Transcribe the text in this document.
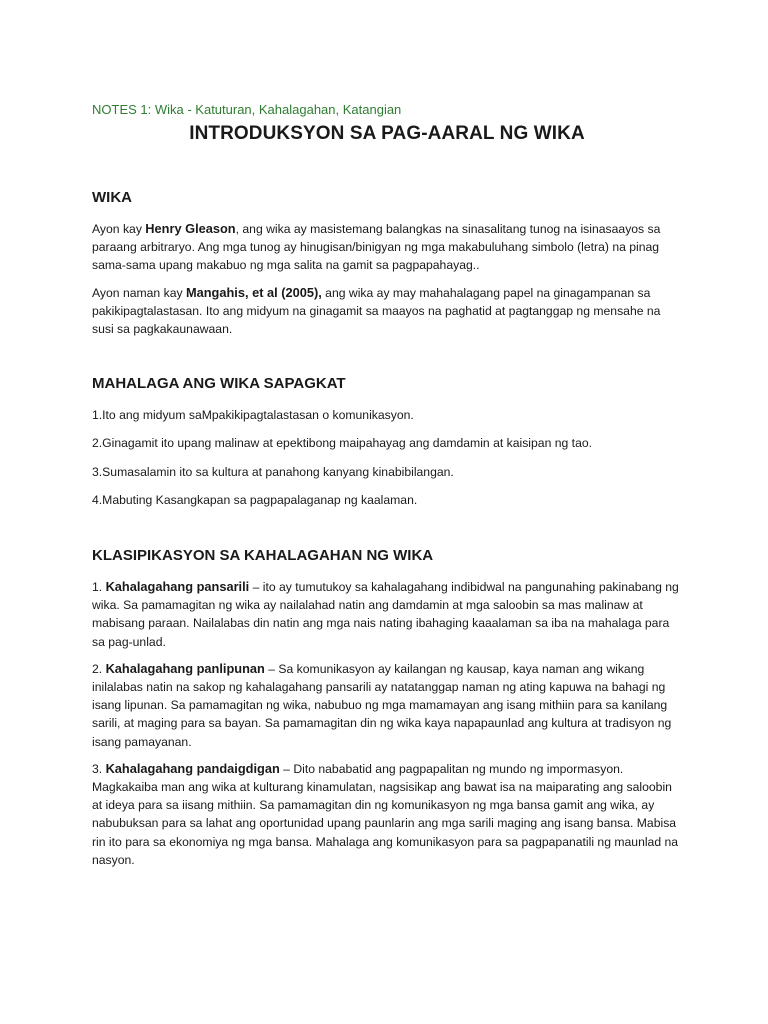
NOTES 1: Wika - Katuturan, Kahalagahan, Katangian
INTRODUKSYON SA PAG-AARAL NG WIKA
WIKA

Ayon kay Henry Gleason, ang wika ay masistemang balangkas na sinasalitang tunog na isinasaayos sa paraang arbitraryo. Ang mga tunog ay hinugisan/binigyan ng mga makabuluhang simbolo (letra) na pinag sama-sama upang makabuo ng mga salita na gamit sa pagpapahayag..

Ayon naman kay Mangahis, et al (2005), ang wika ay may mahahalagang papel na ginagampanan sa pakikipagtalastasan. Ito ang midyum na ginagamit sa maayos na paghatid at pagtanggap ng mensahe na susi sa pagkakaunawaan.

MAHALAGA ANG WIKA SAPAGKAT

1.Ito ang midyum saMpakikipagtalastasan o komunikasyon.

2.Ginagamit ito upang malinaw at epektibong maipahayag ang damdamin at kaisipan ng tao.

3.Sumasalamin ito sa kultura at panahong kanyang kinabibilangan.

4.Mabuting Kasangkapan sa pagpapalaganap ng kaalaman.

KLASIPIKASYON SA KAHALAGAHAN NG WIKA

1. Kahalagahang pansarili – ito ay tumutukoy sa kahalagahang indibidwal na pangunahing pakinabang ng wika. Sa pamamagitan ng wika ay nailalahad natin ang damdamin at mga saloobin sa mas malinaw at mabisang paraan. Nailalabas din natin ang mga nais nating ibahaging kaaalaman sa iba na mahalaga para sa pag-unlad.

2. Kahalagahang panlipunan – Sa komunikasyon ay kailangan ng kausap, kaya naman ang wikang inilalabas natin na sakop ng kahalagahang pansarili ay natatanggap naman ng ating kapuwa na bahagi ng isang lipunan. Sa pamamagitan ng wika, nabubuo ng mga mamamayan ang isang mithiin para sa kanilang sarili, at maging para sa bayan. Sa pamamagitan din ng wika kaya napapaunlad ang kultura at tradisyon ng isang pamayanan.

3. Kahalagahang pandaigdigan – Dito nababatid ang pagpapalitan ng mundo ng impormasyon. Magkakaiba man ang wika at kulturang kinamulatan, nagsisikap ang bawat isa na maiparating ang saloobin at ideya para sa iisang mithiin. Sa pamamagitan din ng komunikasyon ng mga bansa gamit ang wika, ay nabubuksan para sa lahat ang oportunidad upang paunlarin ang mga sarili maging ang isang bansa. Mabisa rin ito para sa ekonomiya ng mga bansa. Mahalaga ang komunikasyon para sa pagpapanatili ng maunlad na nasyon.
